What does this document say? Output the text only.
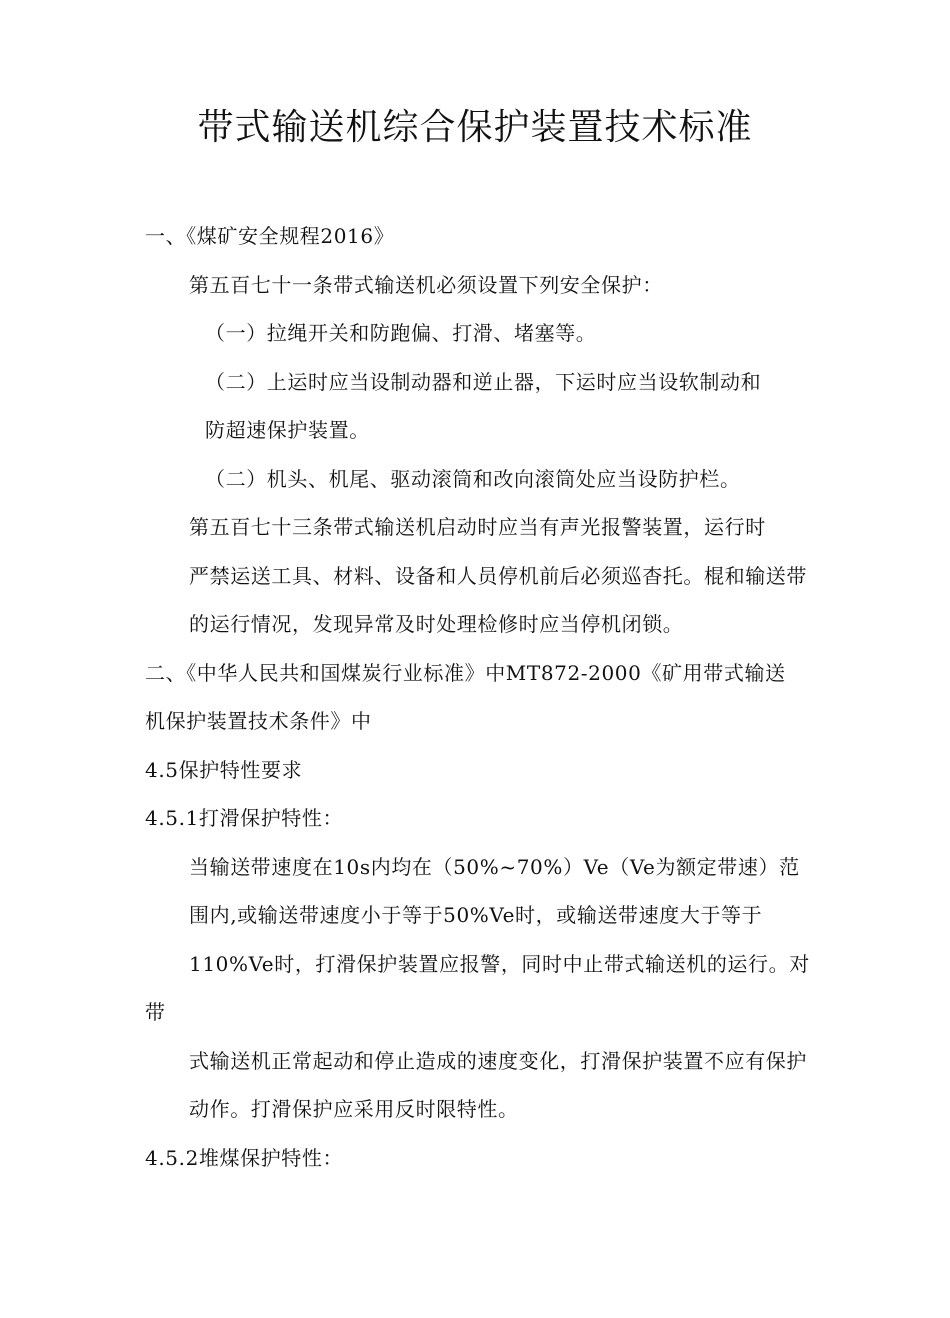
带式输送机综合保护装置技术标准

一、《煤矿安全规程2016》

第五百七十一条带式输送机必须设置下列安全保护：

（一）拉绳开关和防跑偏、打滑、堵塞等。

（二）上运时应当设制动器和逆止器，下运时应当设软制动和
防超速保护装置。

（二）机头、机尾、驱动滚筒和改向滚筒处应当设防护栏。

第五百七十三条带式输送机启动时应当有声光报警装置，运行时
严禁运送工具、材料、设备和人员停机前后必须巡杳托。棍和输送带
的运行情况，发现异常及时处理检修时应当停机闭锁。

二、《中华人民共和国煤炭行业标准》中MT872-2000《矿用带式输送
机保护装置技术条件》中

4.5保护特性要求

4.5.1打滑保护特性：

当输送带速度在10s内均在（50%~70%）Ve（Ve为额定带速）范
围内,或输送带速度小于等于50%Ve时，或输送带速度大于等于
110%Ve时，打滑保护装置应报警，同时中止带式输送机的运行。对带
式输送机正常起动和停止造成的速度变化，打滑保护装置不应有保护
动作。打滑保护应采用反时限特性。

4.5.2堆煤保护特性：
